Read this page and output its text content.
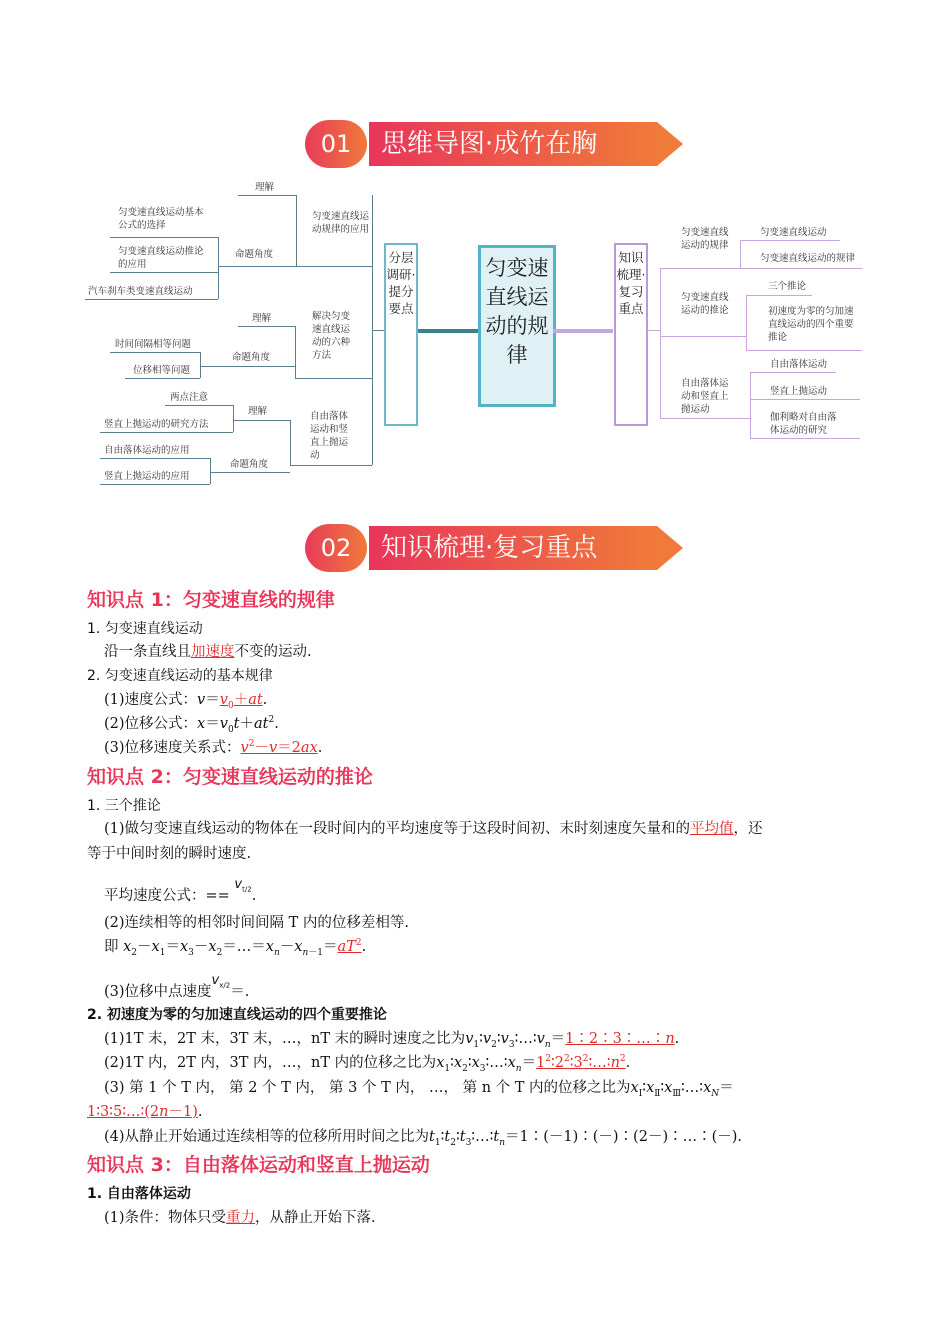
01	思维导图·成竹在胸
匀变速直线运动的规律
分层调研·提分要点
知识梳理·复习重点
匀变速直线运动规律的应用
理解
命题角度
匀变速直线运动基本公式的选择
匀变速直线运动推论的应用
汽车刹车类变速直线运动
解决匀变速直线运动的六种方法
理解
命题角度
时间间隔相等问题
位移相等问题
自由落体运动和竖直上抛运动
理解
命题角度
两点注意
竖直上抛运动的研究方法
自由落体运动的应用
竖直上抛运动的应用
匀变速直线运动的规律
匀变速直线运动
匀变速直线运动的规律
匀变速直线运动的推论
三个推论
初速度为零的匀加速直线运动的四个重要推论
自由落体运动和竖直上抛运动
自由落体运动
竖直上抛运动
伽利略对自由落体运动的研究
02	知识梳理·复习重点
知识点 1：匀变速直线的规律
1. 匀变速直线运动
沿一条直线且加速度不变的运动.
2. 匀变速直线运动的基本规律
(1)速度公式：$v=v_0+at$.
(2)位移公式：$x=v_0t+at^2$.
(3)位移速度关系式：$v^2-v=2ax$.
知识点 2：匀变速直线运动的推论
1. 三个推论
(1)做匀变速直线运动的物体在一段时间内的平均速度等于这段时间初、末时刻速度矢量和的平均值，还
等于中间时刻的瞬时速度.
平均速度公式：== $v_{t/2}$.
(2)连续相等的相邻时间间隔 T 内的位移差相等.
即 $x_2-x_1=x_3-x_2=\dots=x_n-x_{n-1}=aT^2$.
(3)位移中点速度$v_{x/2}=$.
2. 初速度为零的匀加速直线运动的四个重要推论
(1)1T 末，2T 末，3T 末，…，nT 末的瞬时速度之比为$v_1∶v_2∶v_3∶\dots∶v_n=1∶2∶3∶\dots∶n$.
(2)1T 内，2T 内，3T 内，…，nT 内的位移之比为$x_1∶x_2∶x_3∶\dots∶x_n=1^2∶2^2∶3^2∶\dots∶n^2$.
(3) 第 1 个 T 内， 第 2 个 T 内， 第 3 个 T 内， …， 第 n 个 T 内的位移之比为$x_Ⅰ∶x_Ⅱ∶x_Ⅲ∶\dots∶x_N=$
1∶3∶5∶…∶(2n－1).
(4)从静止开始通过连续相等的位移所用时间之比为$t_1∶t_2∶t_3∶\dots∶t_n=1∶(-1)∶(-)∶(2-)∶\dots∶(-)$.
知识点 3：自由落体运动和竖直上抛运动
1. 自由落体运动
(1)条件：物体只受重力，从静止开始下落.
